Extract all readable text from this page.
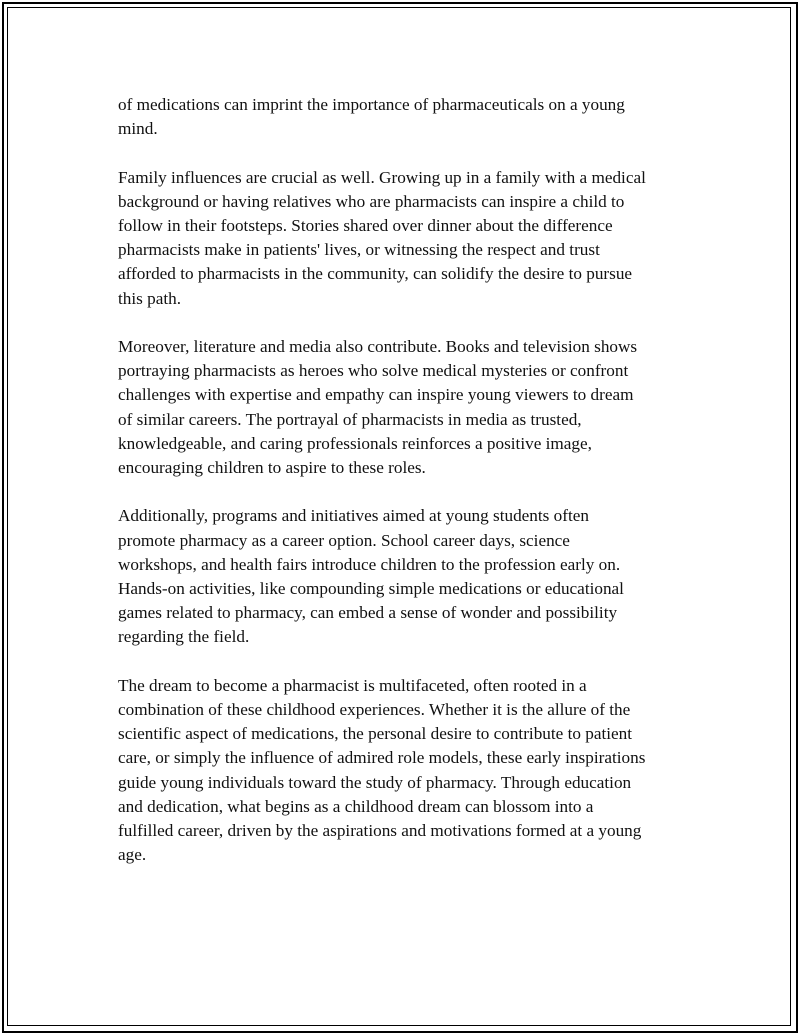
of medications can imprint the importance of pharmaceuticals on a young
mind.

Family influences are crucial as well. Growing up in a family with a medical
background or having relatives who are pharmacists can inspire a child to
follow in their footsteps. Stories shared over dinner about the difference
pharmacists make in patients' lives, or witnessing the respect and trust
afforded to pharmacists in the community, can solidify the desire to pursue
this path.

Moreover, literature and media also contribute. Books and television shows
portraying pharmacists as heroes who solve medical mysteries or confront
challenges with expertise and empathy can inspire young viewers to dream
of similar careers. The portrayal of pharmacists in media as trusted,
knowledgeable, and caring professionals reinforces a positive image,
encouraging children to aspire to these roles.

Additionally, programs and initiatives aimed at young students often
promote pharmacy as a career option. School career days, science
workshops, and health fairs introduce children to the profession early on.
Hands-on activities, like compounding simple medications or educational
games related to pharmacy, can embed a sense of wonder and possibility
regarding the field.

The dream to become a pharmacist is multifaceted, often rooted in a
combination of these childhood experiences. Whether it is the allure of the
scientific aspect of medications, the personal desire to contribute to patient
care, or simply the influence of admired role models, these early inspirations
guide young individuals toward the study of pharmacy. Through education
and dedication, what begins as a childhood dream can blossom into a
fulfilled career, driven by the aspirations and motivations formed at a young
age.
